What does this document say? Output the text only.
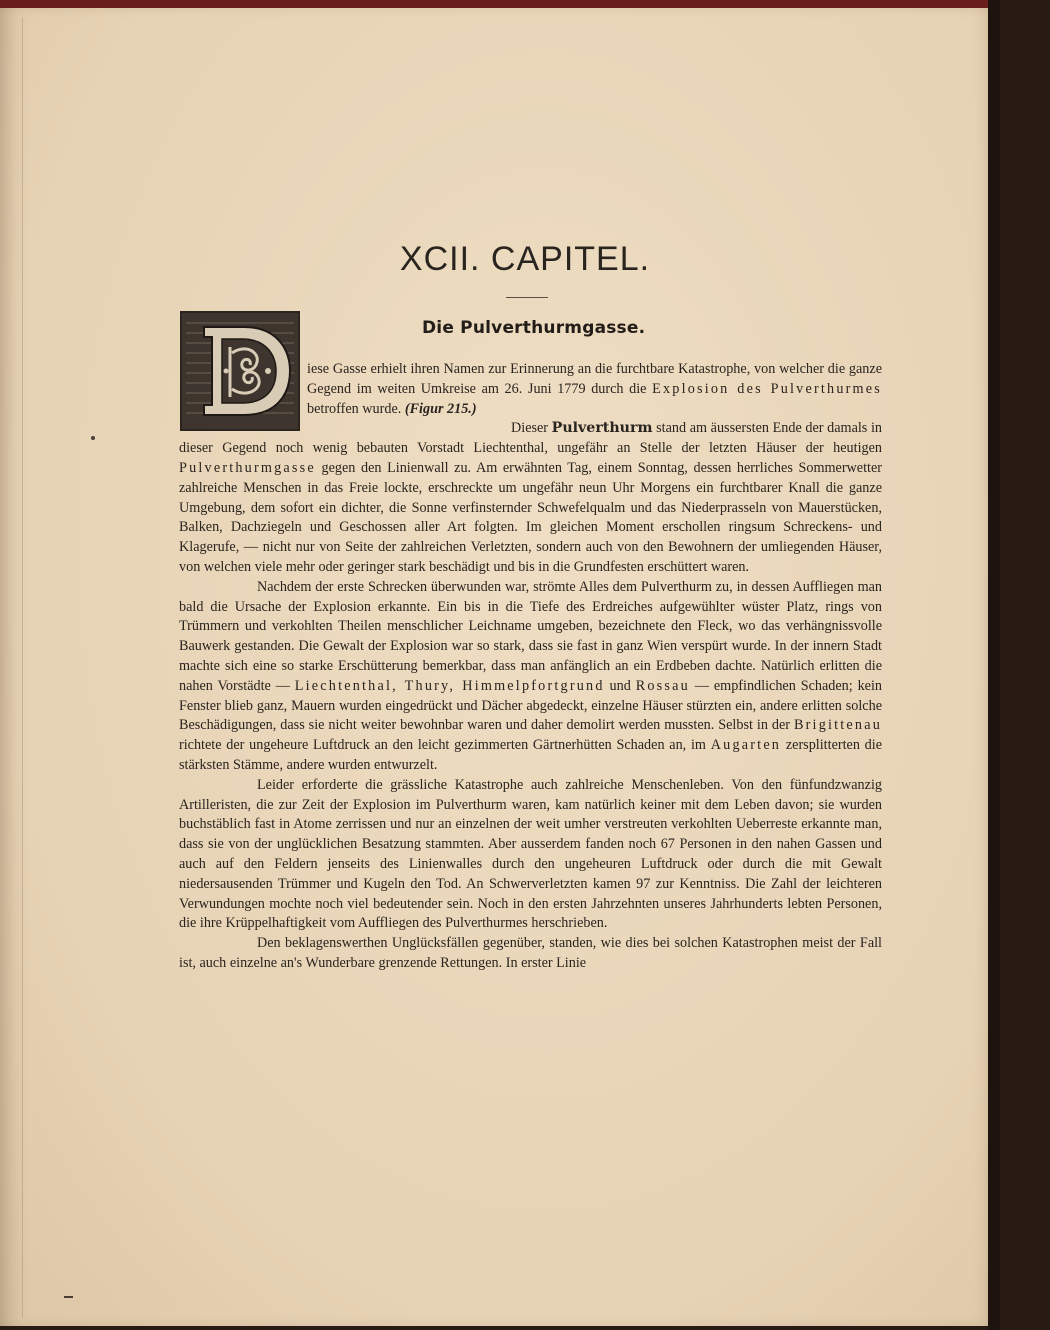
XCII. CAPITEL.
Die Pulverthurmgasse.

iese Gasse erhielt ihren Namen zur Erinnerung an die furchtbare Katastrophe, von welcher die ganze Gegend im weiten Umkreise am 26. Juni 1779 durch die Explosion des Pulverthurmes betroffen wurde. (Figur 215.)

Dieser Pulverthurm stand am äussersten Ende der damals in dieser Gegend noch wenig bebauten Vorstadt Liechtenthal, ungefähr an Stelle der letzten Häuser der heutigen Pulverthurmgasse gegen den Linienwall zu. Am erwähnten Tag, einem Sonntag, dessen herrliches Sommerwetter zahlreiche Menschen in das Freie lockte, erschreckte um ungefähr neun Uhr Morgens ein furchtbarer Knall die ganze Umgebung, dem sofort ein dichter, die Sonne verfinsternder Schwefelqualm und das Niederprasseln von Mauerstücken, Balken, Dachziegeln und Geschossen aller Art folgten. Im gleichen Moment erschollen ringsum Schreckens- und Klagerufe, — nicht nur von Seite der zahlreichen Verletzten, sondern auch von den Bewohnern der umliegenden Häuser, von welchen viele mehr oder geringer stark beschädigt und bis in die Grundfesten erschüttert waren.

Nachdem der erste Schrecken überwunden war, strömte Alles dem Pulverthurm zu, in dessen Auffliegen man bald die Ursache der Explosion erkannte. Ein bis in die Tiefe des Erdreiches aufgewühlter wüster Platz, rings von Trümmern und verkohlten Theilen menschlicher Leichname umgeben, bezeichnete den Fleck, wo das verhängnissvolle Bauwerk gestanden. Die Gewalt der Explosion war so stark, dass sie fast in ganz Wien verspürt wurde. In der innern Stadt machte sich eine so starke Erschütterung bemerkbar, dass man anfänglich an ein Erdbeben dachte. Natürlich erlitten die nahen Vorstädte — Liechtenthal, Thury, Himmelpfortgrund und Rossau — empfindlichen Schaden; kein Fenster blieb ganz, Mauern wurden eingedrückt und Dächer abgedeckt, einzelne Häuser stürzten ein, andere erlitten solche Beschädigungen, dass sie nicht weiter bewohnbar waren und daher demolirt werden mussten. Selbst in der Brigittenau richtete der ungeheure Luftdruck an den leicht gezimmerten Gärtnerhütten Schaden an, im Augarten zersplitterten die stärksten Stämme, andere wurden entwurzelt.

Leider erforderte die grässliche Katastrophe auch zahlreiche Menschenleben. Von den fünfundzwanzig Artilleristen, die zur Zeit der Explosion im Pulverthurm waren, kam natürlich keiner mit dem Leben davon; sie wurden buchstäblich fast in Atome zerrissen und nur an einzelnen der weit umher verstreuten verkohlten Ueberreste erkannte man, dass sie von der unglücklichen Besatzung stammten. Aber ausserdem fanden noch 67 Personen in den nahen Gassen und auch auf den Feldern jenseits des Linienwalles durch den ungeheuren Luftdruck oder durch die mit Gewalt niedersausenden Trümmer und Kugeln den Tod. An Schwerverletzten kamen 97 zur Kenntniss. Die Zahl der leichteren Verwundungen mochte noch viel bedeutender sein. Noch in den ersten Jahrzehnten unseres Jahrhunderts lebten Personen, die ihre Krüppelhaftigkeit vom Auffliegen des Pulverthurmes herschrieben.

Den beklagenswerthen Unglücksfällen gegenüber, standen, wie dies bei solchen Katastrophen meist der Fall ist, auch einzelne an's Wunderbare grenzende Rettungen. In erster Linie
